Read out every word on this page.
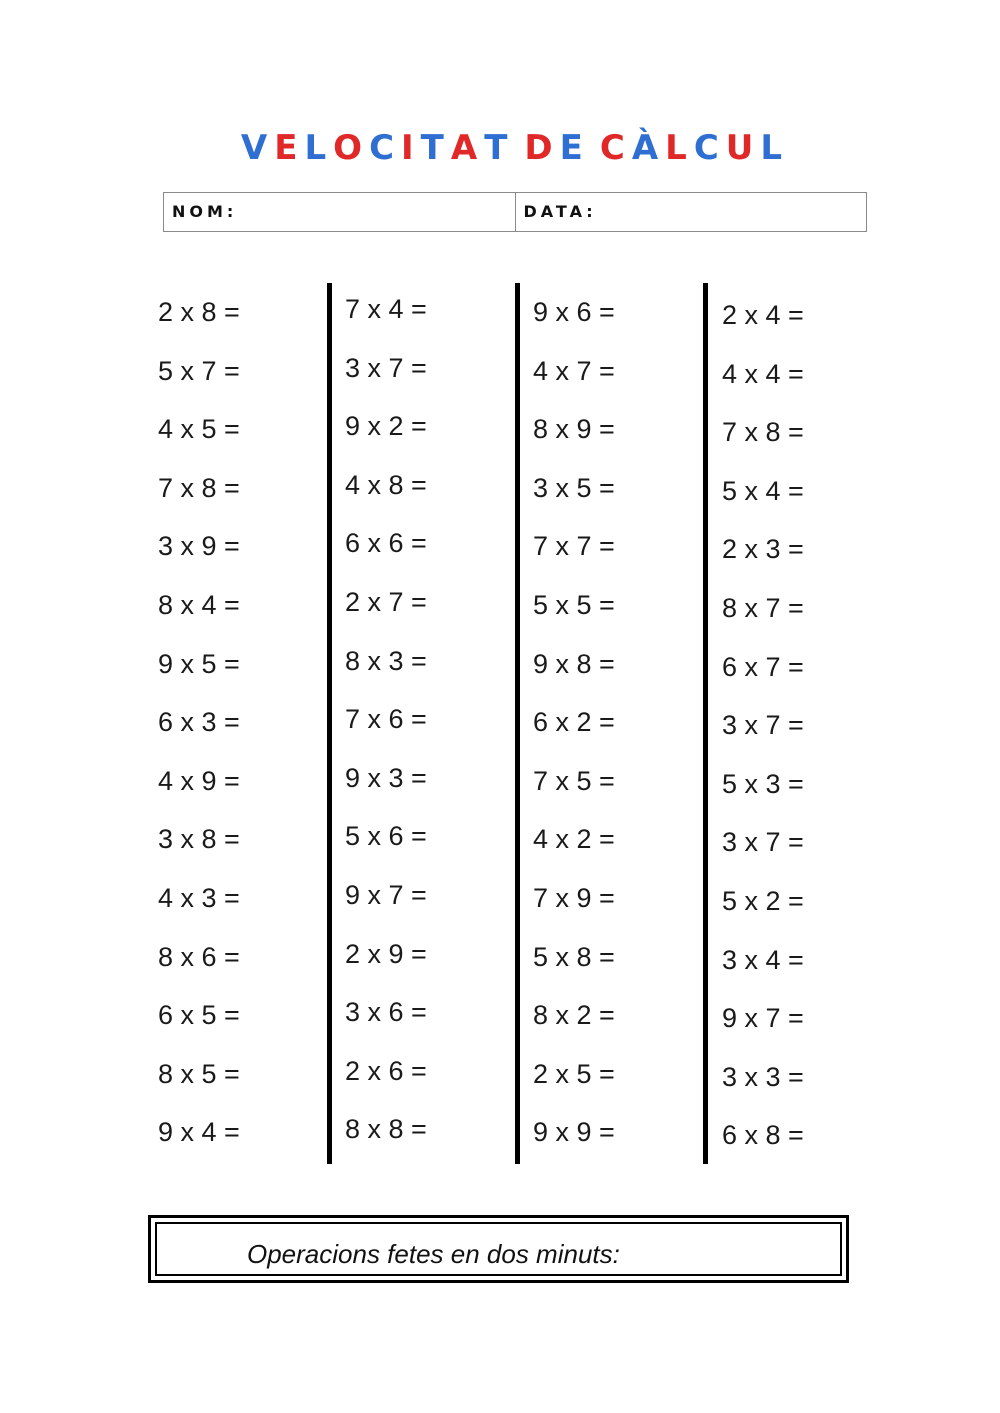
VELOCITAT DE CÀLCUL
NOM:	DATA:
2 x 8 =
5 x 7 =
4 x 5 =
7 x 8 =
3 x 9 =
8 x 4 =
9 x 5 =
6 x 3 =
4 x 9 =
3 x 8 =
4 x 3 =
8 x 6 =
6 x 5 =
8 x 5 =
9 x 4 =
7 x 4 =
3 x 7 =
9 x 2 =
4 x 8 =
6 x 6 =
2 x 7 =
8 x 3 =
7 x 6 =
9 x 3 =
5 x 6 =
9 x 7 =
2 x 9 =
3 x 6 =
2 x 6 =
8 x 8 =
9 x 6 =
4 x 7 =
8 x 9 =
3 x 5 =
7 x 7 =
5 x 5 =
9 x 8 =
6 x 2 =
7 x 5 =
4 x 2 =
7 x 9 =
5 x 8 =
8 x 2 =
2 x 5 =
9 x 9 =
2 x 4 =
4 x 4 =
7 x 8 =
5 x 4 =
2 x 3 =
8 x 7 =
6 x 7 =
3 x 7 =
5 x 3 =
3 x 7 =
5 x 2 =
3 x 4 =
9 x 7 =
3 x 3 =
6 x 8 =
Operacions fetes en dos minuts:
